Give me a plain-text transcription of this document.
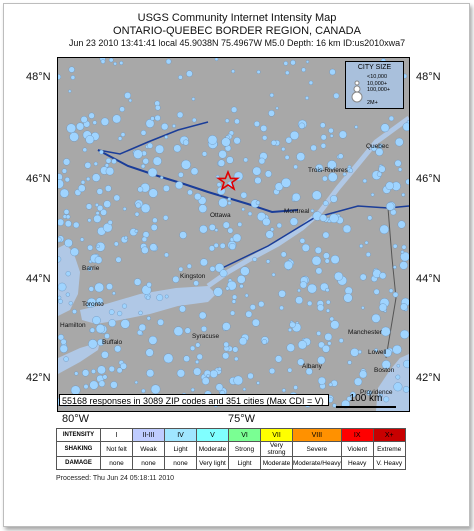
USGS Community Internet Intensity Map
ONTARIO-QUEBEC BORDER REGION, CANADA
Jun 23 2010 13:41:41 local 45.9038N 75.4967W M5.0 Depth: 16 km ID:us2010xwa7
48°N
46°N
44°N
42°N
48°N
46°N
44°N
42°N
80°W	75°W
Quebec
Trois-Rivieres
Montreal
Ottawa
Barrie
Kingston
Toronto
Hamilton
Buffalo
Syracuse
Albany
Manchester
Lowell
Boston
Providence
CITY SIZE
<10,000
10,000+
100,000+
2M+
55168 responses in 3089 ZIP codes and 351 cities (Max CDI = V)	100 km
INTENSITY	I	II-III	IV	V	VI	VII	VIII	IX	X+
SHAKING	Not felt	Weak	Light	Moderate	Strong	Very strong	Severe	Violent	Extreme
DAMAGE	none	none	none	Very light	Light	Moderate	Moderate/Heavy	Heavy	V. Heavy
Processed: Thu Jun 24 05:18:11 2010
